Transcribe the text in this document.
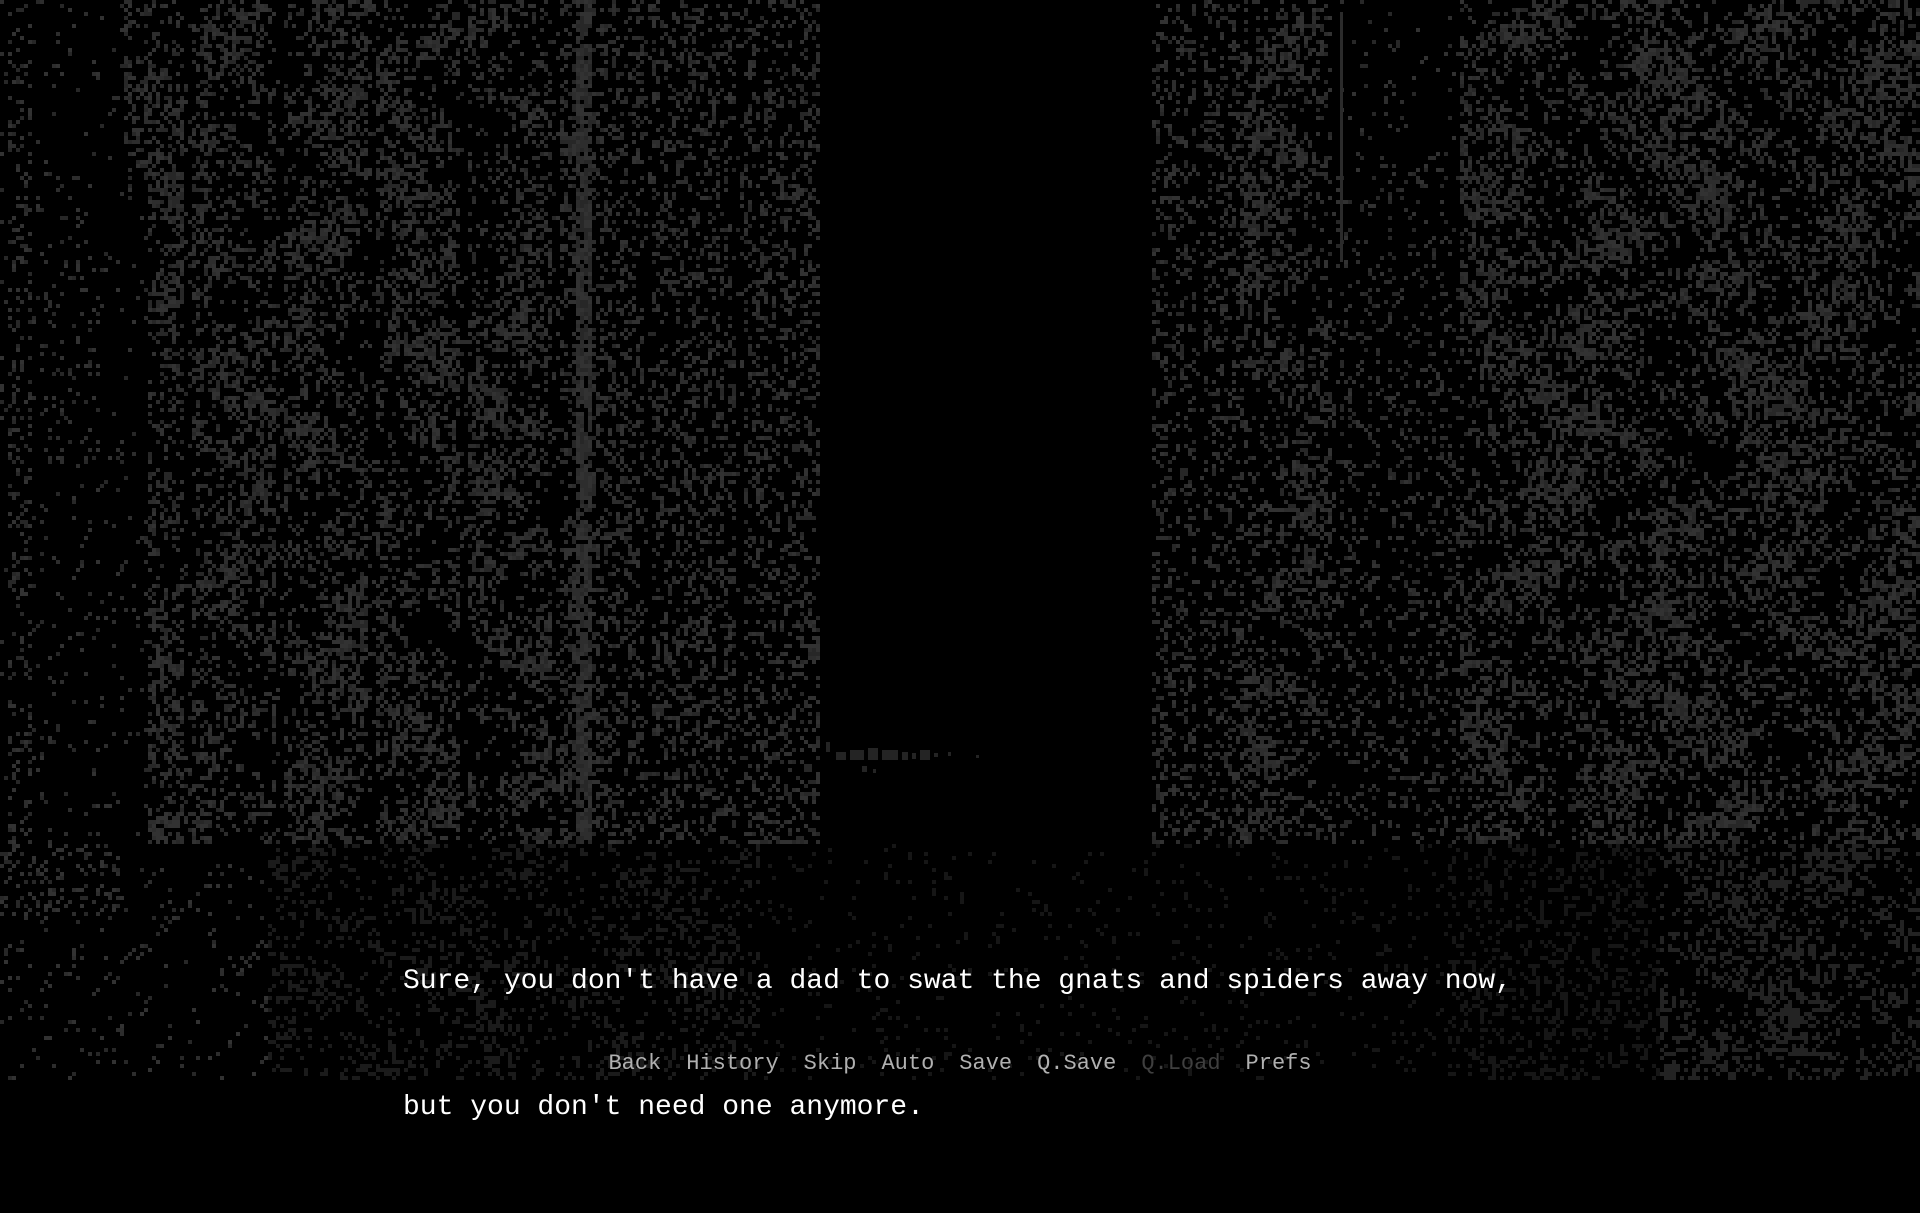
Sure, you don't have a dad to swat the gnats and spiders away now,

but you don't need one anymore.

Back History Skip Auto Save Q.Save Q.Load Prefs
